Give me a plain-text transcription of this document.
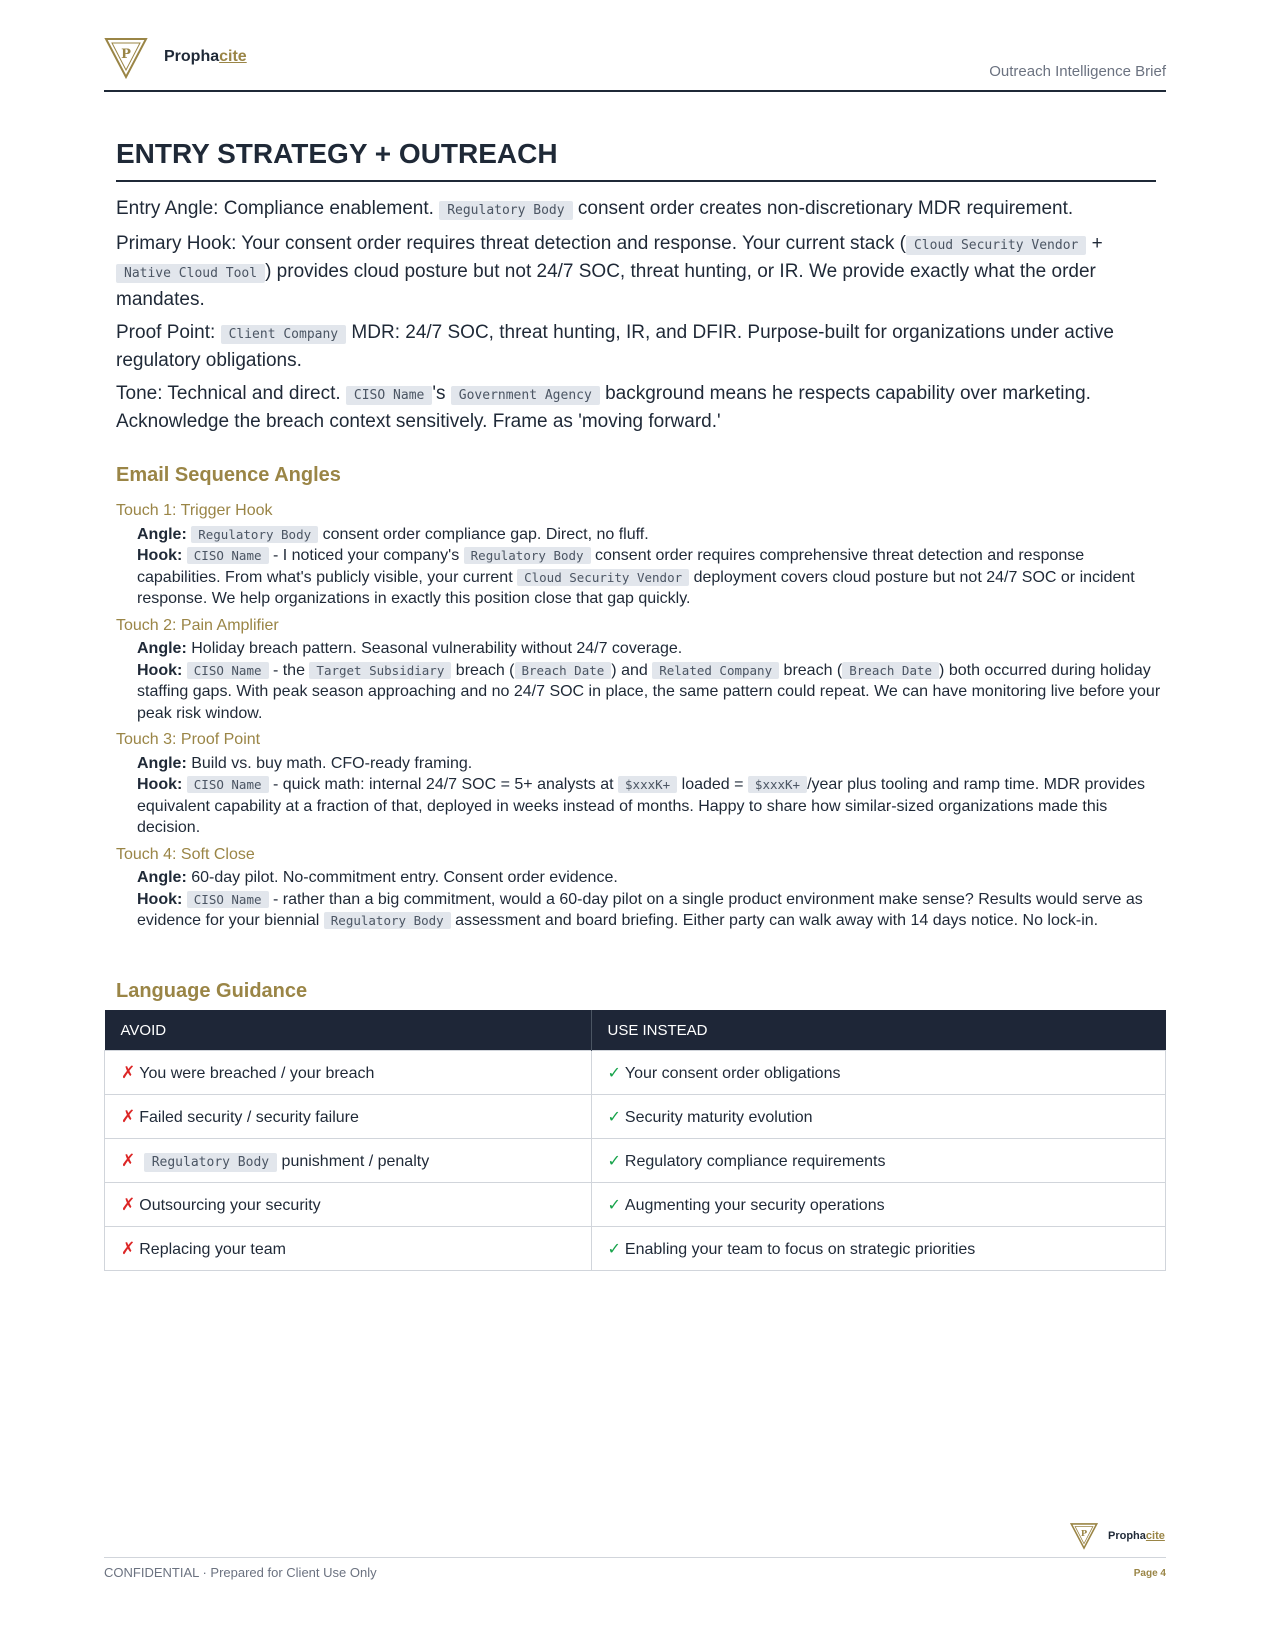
P Prophacite
Outreach Intelligence Brief
ENTRY STRATEGY + OUTREACH

Entry Angle: Compliance enablement. Regulatory Body consent order creates non-discretionary MDR requirement.

Primary Hook: Your consent order requires threat detection and response. Your current stack ( Cloud Security Vendor + Native Cloud Tool ) provides cloud posture but not 24/7 SOC, threat hunting, or IR. We provide exactly what the order mandates.

Proof Point: Client Company MDR: 24/7 SOC, threat hunting, IR, and DFIR. Purpose-built for organizations under active regulatory obligations.

Tone: Technical and direct. CISO Name 's Government Agency background means he respects capability over marketing. Acknowledge the breach context sensitively. Frame as 'moving forward.'

Email Sequence Angles
Touch 1: Trigger Hook
Angle: Regulatory Body consent order compliance gap. Direct, no fluff.
Hook: CISO Name - I noticed your company's Regulatory Body consent order requires comprehensive threat detection and response capabilities. From what's publicly visible, your current Cloud Security Vendor deployment covers cloud posture but not 24/7 SOC or incident response. We help organizations in exactly this position close that gap quickly.
Touch 2: Pain Amplifier
Angle: Holiday breach pattern. Seasonal vulnerability without 24/7 coverage.
Hook: CISO Name - the Target Subsidiary breach ( Breach Date ) and Related Company breach ( Breach Date ) both occurred during holiday staffing gaps. With peak season approaching and no 24/7 SOC in place, the same pattern could repeat. We can have monitoring live before your peak risk window.
Touch 3: Proof Point
Angle: Build vs. buy math. CFO-ready framing.
Hook: CISO Name - quick math: internal 24/7 SOC = 5+ analysts at $xxxK+ loaded = $xxxK+ /year plus tooling and ramp time. MDR provides equivalent capability at a fraction of that, deployed in weeks instead of months. Happy to share how similar-sized organizations made this decision.
Touch 4: Soft Close
Angle: 60-day pilot. No-commitment entry. Consent order evidence.
Hook: CISO Name - rather than a big commitment, would a 60-day pilot on a single product environment make sense? Results would serve as evidence for your biennial Regulatory Body assessment and board briefing. Either party can walk away with 14 days notice. No lock-in.
Language Guidance
AVOID	USE INSTEAD
✗ You were breached / your breach	✓ Your consent order obligations
✗ Failed security / security failure	✓ Security maturity evolution
✗ Regulatory Body punishment / penalty	✓ Regulatory compliance requirements
✗ Outsourcing your security	✓ Augmenting your security operations
✗ Replacing your team	✓ Enabling your team to focus on strategic priorities
P Prophacite
CONFIDENTIAL · Prepared for Client Use Only	Page 4
